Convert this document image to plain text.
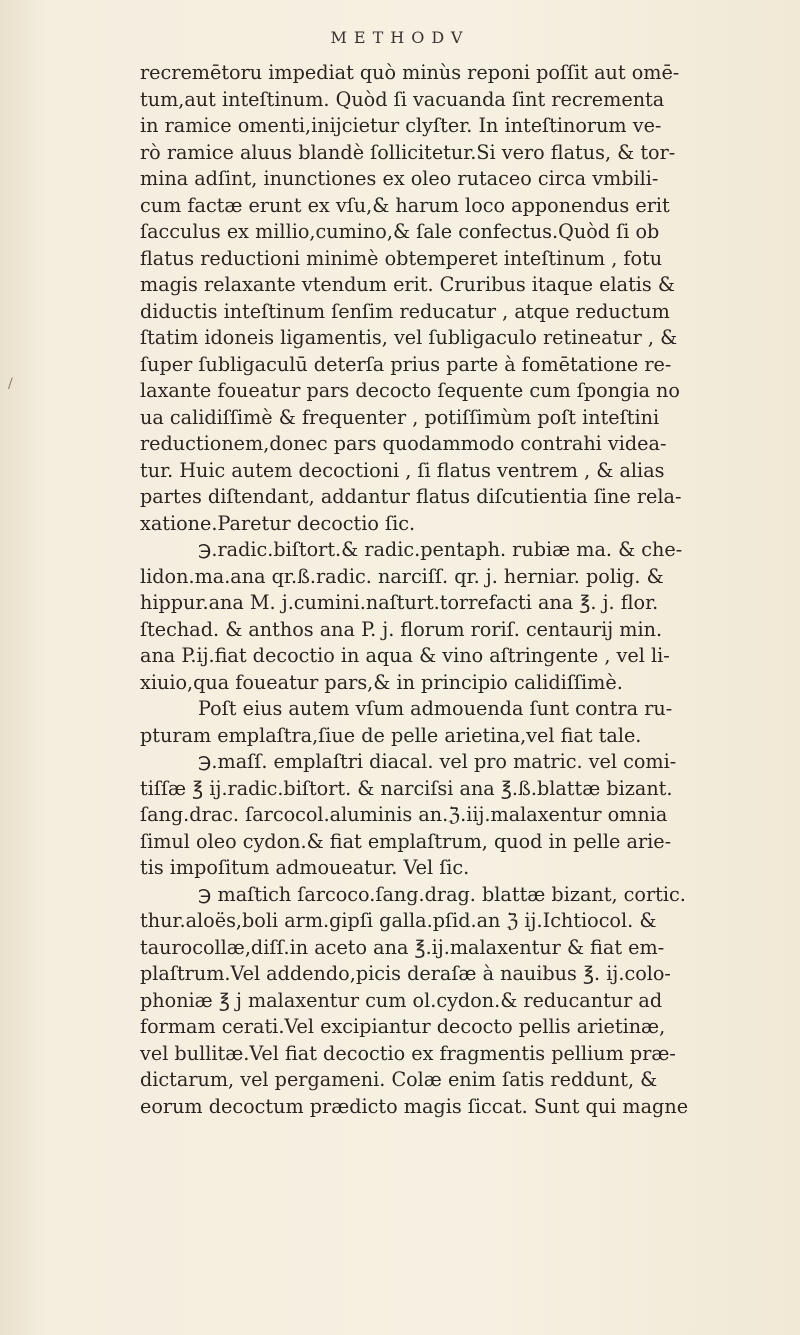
METHODV
/
recremētoru impediat quò minùs reponi poſſit aut omē-
tum,aut inteſtinum. Quòd ſi vacuanda ſint recrementa
in ramice omenti,inijcietur clyſter. In inteſtinorum ve-
rò ramice aluus blandè ſollicitetur.Si vero flatus, & tor-
mina adſint, inunctiones ex oleo rutaceo circa vmbili-
cum factæ erunt ex vſu,& harum loco apponendus erit
ſacculus ex millio,cumino,& ſale confectus.Quòd ſi ob
flatus reductioni minimè obtemperet inteſtinum , fotu
magis relaxante vtendum erit. Cruribus itaque elatis &
diductis inteſtinum ſenſim reducatur , atque reductum
ſtatim idoneis ligamentis, vel ſubligaculo retineatur , &
ſuper ſubligaculū deterſa prius parte à fomētatione re-
laxante foueatur pars decocto ſequente cum ſpongia no
ua calidiſſimè & frequenter , potiſſimùm poſt inteſtini
reductionem,donec pars quodammodo contrahi videa-
tur. Huic autem decoctioni , ſi flatus ventrem , & alias
partes diſtendant, addantur flatus diſcutientia ſine rela-
xatione.Paretur decoctio ſic.
℈.radic.biſtort.& radic.pentaph. rubiæ ma. & che-
lidon.ma.ana qr.ß.radic. narciſſ. qr. j. herniar. polig. &
hippur.ana M. j.cumini.naſturt.torrefacti ana ℥. j. flor.
ſtechad. & anthos ana P. j. florum roriſ. centaurij min.
ana P.ij.fiat decoctio in aqua & vino aſtringente , vel li-
xiuio,qua foueatur pars,& in principio calidiſſimè.
Poſt eius autem vſum admouenda ſunt contra ru-
pturam emplaſtra,ſiue de pelle arietina,vel fiat tale.
℈.maſſ. emplaſtri diacal. vel pro matric. vel comi-
tiſſæ ℥ ij.radic.biſtort. & narciſsi ana ℥.ß.blattæ bizant.
ſang.drac. ſarcocol.aluminis an.ℨ.iij.malaxentur omnia
ſimul oleo cydon.& fiat emplaſtrum, quod in pelle arie-
tis impoſitum admoueatur. Vel ſic.
℈ maſtich ſarcoco.ſang.drag. blattæ bizant, cortic.
thur.aloës,boli arm.gipſi galla.pſid.an ℨ ij.Ichtiocol. &
taurocollæ,diſſ.in aceto ana ℥.ij.malaxentur & fiat em-
plaſtrum.Vel addendo,picis deraſæ à nauibus ℥. ij.colo-
phoniæ ℥ j malaxentur cum ol.cydon.& reducantur ad
formam cerati.Vel excipiantur decocto pellis arietinæ,
vel bullitæ.Vel fiat decoctio ex fragmentis pellium præ-
dictarum, vel pergameni. Colæ enim ſatis reddunt, &
eorum decoctum prædicto magis ſiccat. Sunt qui magne
